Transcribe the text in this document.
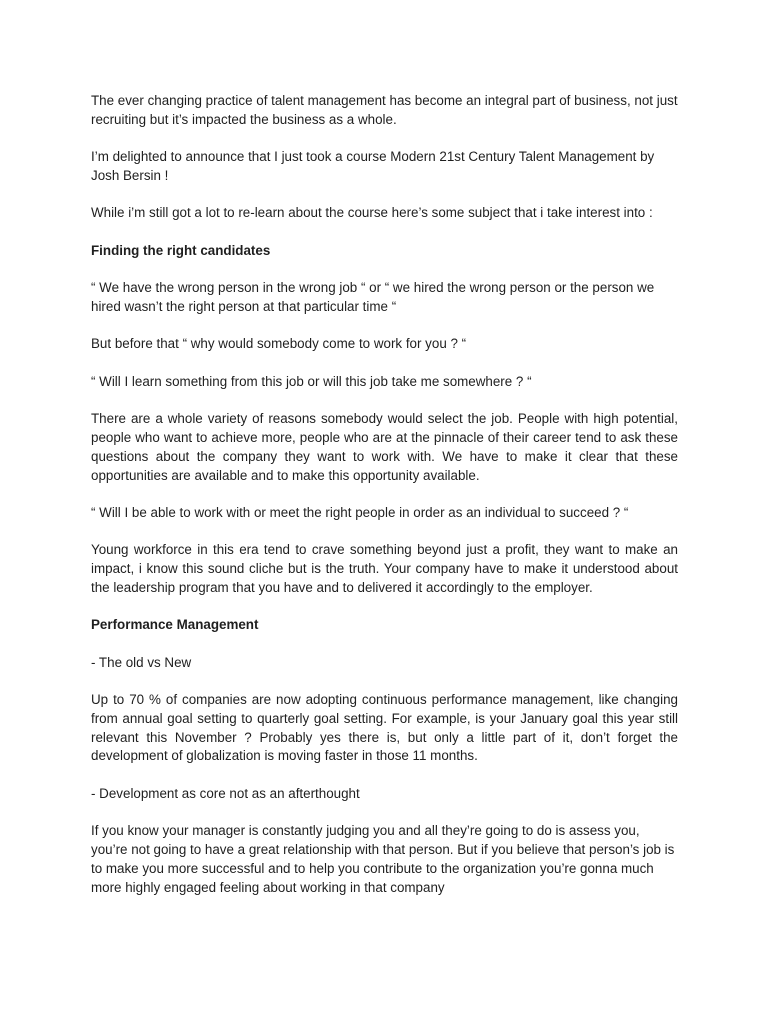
The ever changing practice of talent management has become an integral part of business, not just recruiting but it’s impacted the business as a whole.

I’m delighted to announce that I just took a course Modern 21st Century Talent Management by Josh Bersin !

While i’m still got a lot to re-learn about the course here’s some subject that i take interest into :

Finding the right candidates

“ We have the wrong person in the wrong job “ or “ we hired the wrong person or the person we hired wasn’t the right person at that particular time “

But before that “ why would somebody come to work for you ? “

“ Will I learn something from this job or will this job take me somewhere ? “

There are a whole variety of reasons somebody would select the job. People with high potential, people who want to achieve more, people who are at the pinnacle of their career tend to ask these questions about the company they want to work with. We have to make it clear that these opportunities are available and to make this opportunity available.

“ Will I be able to work with or meet the right people in order as an individual to succeed ? “

Young workforce in this era tend to crave something beyond just a profit, they want to make an impact, i know this sound cliche but is the truth. Your company have to make it understood about the leadership program that you have and to delivered it accordingly to the employer.

Performance Management

- The old vs New

Up to 70 % of companies are now adopting continuous performance management, like changing from annual goal setting to quarterly goal setting. For example, is your January goal this year still relevant this November ? Probably yes there is, but only a little part of it, don’t forget the development of globalization is moving faster in those 11 months.

- Development as core not as an afterthought

If you know your manager is constantly judging you and all they’re going to do is assess you, you’re not going to have a great relationship with that person. But if you believe that person’s job is to make you more successful and to help you contribute to the organization you’re gonna much more highly engaged feeling about working in that company
